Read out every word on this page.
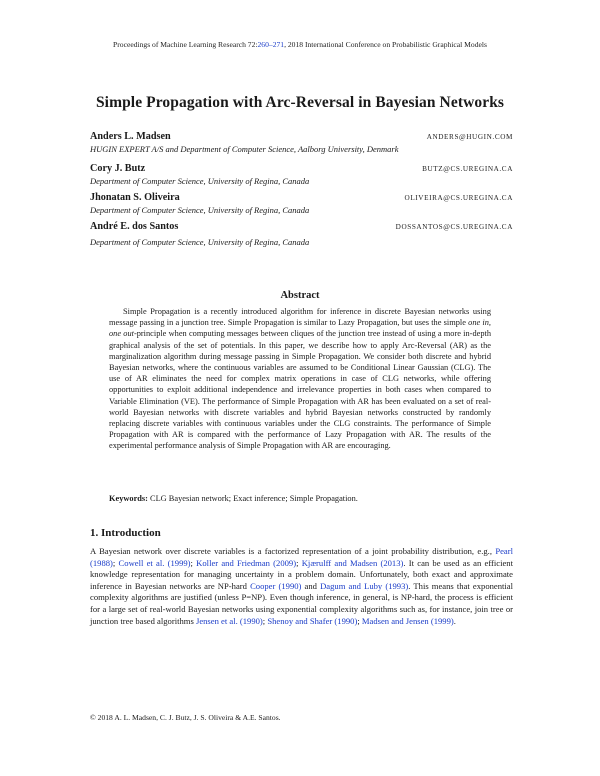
Proceedings of Machine Learning Research 72:260–271, 2018 International Conference on Probabilistic Graphical Models
Simple Propagation with Arc-Reversal in Bayesian Networks
Anders L. Madsen	ANDERS@HUGIN.COM
HUGIN EXPERT A/S and Department of Computer Science, Aalborg University, Denmark
Cory J. Butz	BUTZ@CS.UREGINA.CA
Department of Computer Science, University of Regina, Canada
Jhonatan S. Oliveira	OLIVEIRA@CS.UREGINA.CA
Department of Computer Science, University of Regina, Canada
André E. dos Santos	DOSSANTOS@CS.UREGINA.CA
Department of Computer Science, University of Regina, Canada
Abstract
Simple Propagation is a recently introduced algorithm for inference in discrete Bayesian networks using message passing in a junction tree. Simple Propagation is similar to Lazy Propagation, but uses the simple one in, one out-principle when computing messages between cliques of the junction tree instead of using a more in-depth graphical analysis of the set of potentials. In this paper, we describe how to apply Arc-Reversal (AR) as the marginalization algorithm during message passing in Simple Propagation. We consider both discrete and hybrid Bayesian networks, where the continuous variables are assumed to be Conditional Linear Gaussian (CLG). The use of AR eliminates the need for complex matrix operations in case of CLG networks, while offering opportunities to exploit additional independence and irrelevance properties in both cases when compared to Variable Elimination (VE). The performance of Simple Propagation with AR has been evaluated on a set of real-world Bayesian networks with discrete variables and hybrid Bayesian networks constructed by randomly replacing discrete variables with continuous variables under the CLG constraints. The performance of Simple Propagation with AR is compared with the performance of Lazy Propagation with AR. The results of the experimental performance analysis of Simple Propagation with AR are encouraging.
Keywords: CLG Bayesian network; Exact inference; Simple Propagation.
1. Introduction
A Bayesian network over discrete variables is a factorized representation of a joint probability distribution, e.g., Pearl (1988); Cowell et al. (1999); Koller and Friedman (2009); Kjærulff and Madsen (2013). It can be used as an efficient knowledge representation for managing uncertainty in a problem domain. Unfortunately, both exact and approximate inference in Bayesian networks are NP-hard Cooper (1990) and Dagum and Luby (1993). This means that exponential complexity algorithms are justified (unless P=NP). Even though inference, in general, is NP-hard, the process is efficient for a large set of real-world Bayesian networks using exponential complexity algorithms such as, for instance, join tree or junction tree based algorithms Jensen et al. (1990); Shenoy and Shafer (1990); Madsen and Jensen (1999).
© 2018 A. L. Madsen, C. J. Butz, J. S. Oliveira & A.E. Santos.
